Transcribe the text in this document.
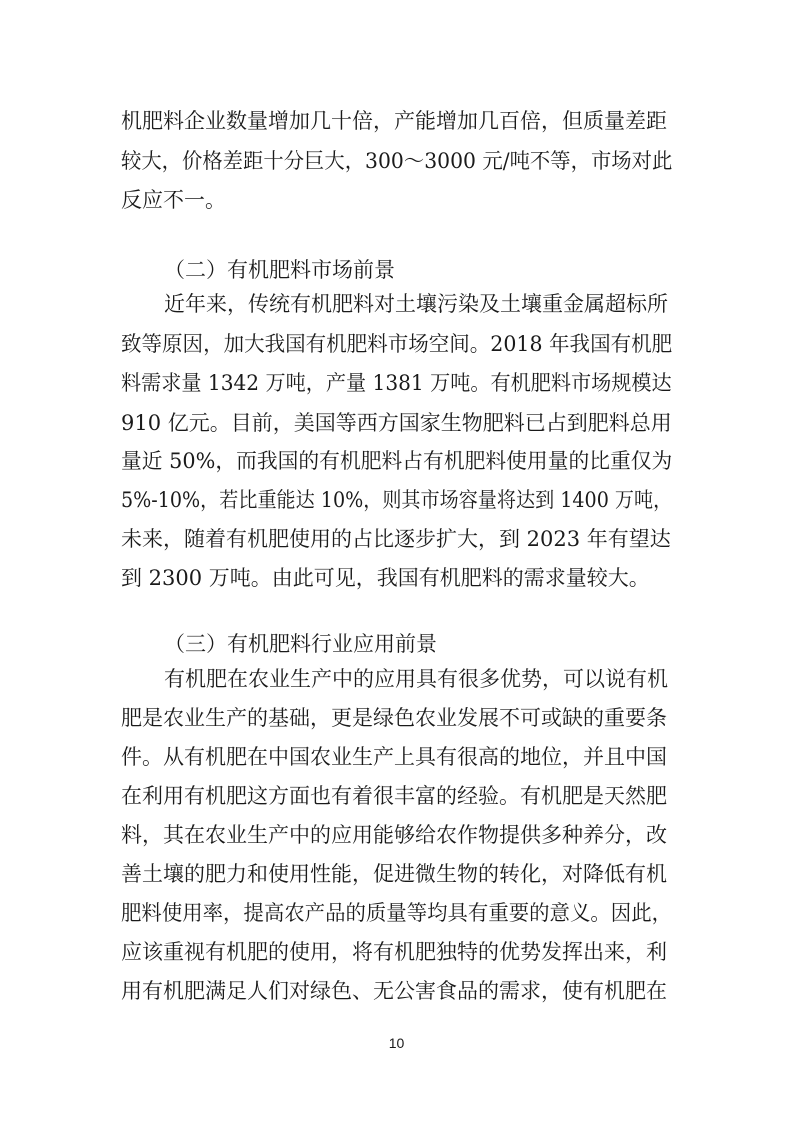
机肥料企业数量增加几十倍，产能增加几百倍，但质量差距
较大，价格差距十分巨大，300～3000 元/吨不等，市场对此
反应不一。
（二）有机肥料市场前景
近年来，传统有机肥料对土壤污染及土壤重金属超标所
致等原因，加大我国有机肥料市场空间。2018 年我国有机肥
料需求量 1342 万吨，产量 1381 万吨。有机肥料市场规模达
910 亿元。目前，美国等西方国家生物肥料已占到肥料总用
量近 50%，而我国的有机肥料占有机肥料使用量的比重仅为
5%-10%，若比重能达 10%，则其市场容量将达到 1400 万吨，
未来，随着有机肥使用的占比逐步扩大，到 2023 年有望达
到 2300 万吨。由此可见，我国有机肥料的需求量较大。
（三）有机肥料行业应用前景
有机肥在农业生产中的应用具有很多优势，可以说有机
肥是农业生产的基础，更是绿色农业发展不可或缺的重要条
件。从有机肥在中国农业生产上具有很高的地位，并且中国
在利用有机肥这方面也有着很丰富的经验。有机肥是天然肥
料，其在农业生产中的应用能够给农作物提供多种养分，改
善土壤的肥力和使用性能，促进微生物的转化，对降低有机
肥料使用率，提高农产品的质量等均具有重要的意义。因此，
应该重视有机肥的使用，将有机肥独特的优势发挥出来，利
用有机肥满足人们对绿色、无公害食品的需求，使有机肥在
10
